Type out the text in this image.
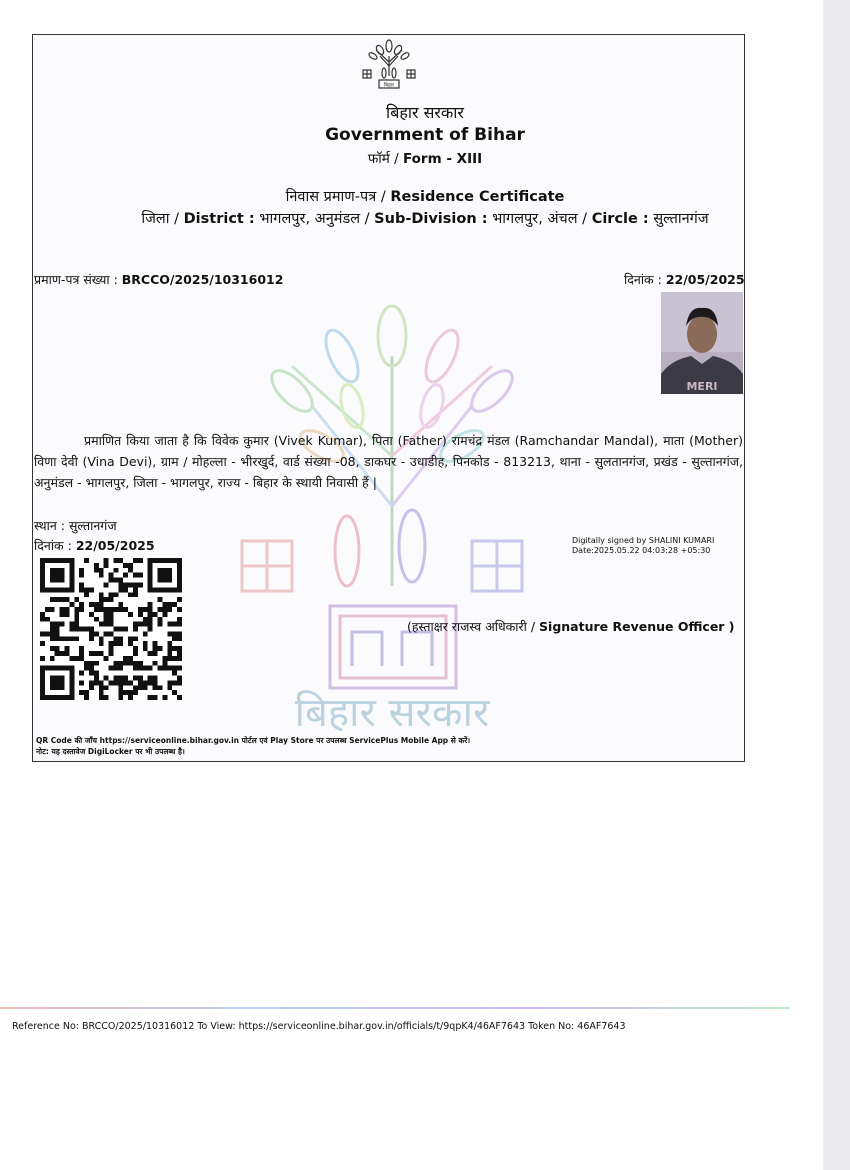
बिहार
बिहार सरकार
Government of Bihar
फॉर्म / Form - XIII
निवास प्रमाण-पत्र / Residence Certificate
जिला / District : भागलपुर, अनुमंडल / Sub-Division : भागलपुर, अंचल / Circle : सुल्तानगंज
प्रमाण-पत्र संख्या : BRCCO/2025/10316012	दिनांक : 22/05/2025
MERI
बिहार सरकार
प्रमाणित किया जाता है कि विवेक कुमार (Vivek Kumar), पिता (Father) रामचंद्र मंडल (Ramchandar Mandal), माता (Mother) विणा देवी (Vina Devi), ग्राम / मोहल्ला - भीरखुर्द, वार्ड संख्या -08, डाकघर - उधाडीह, पिनकोड - 813213, थाना - सुलतानगंज, प्रखंड - सुल्तानगंज, अनुमंडल - भागलपुर, जिला - भागलपुर, राज्य - बिहार के स्थायी निवासी हैं |
स्थान : सुल्तानगंज
दिनांक : 22/05/2025	Digitally signed by SHALINI KUMARI
Date:2025.05.22 04:03:28 +05:30
(हस्ताक्षर राजस्व अधिकारी / Signature Revenue Officer )
QR Code की जाँच https://serviceonline.bihar.gov.in पोर्टल एवं Play Store पर उपलब्ध ServicePlus Mobile App से करें।
नोट: यह दस्तावेज DigiLocker पर भी उपलब्ध है।
Reference No: BRCCO/2025/10316012 To View: https://serviceonline.bihar.gov.in/officials/t/9qpK4/46AF7643 Token No: 46AF7643
